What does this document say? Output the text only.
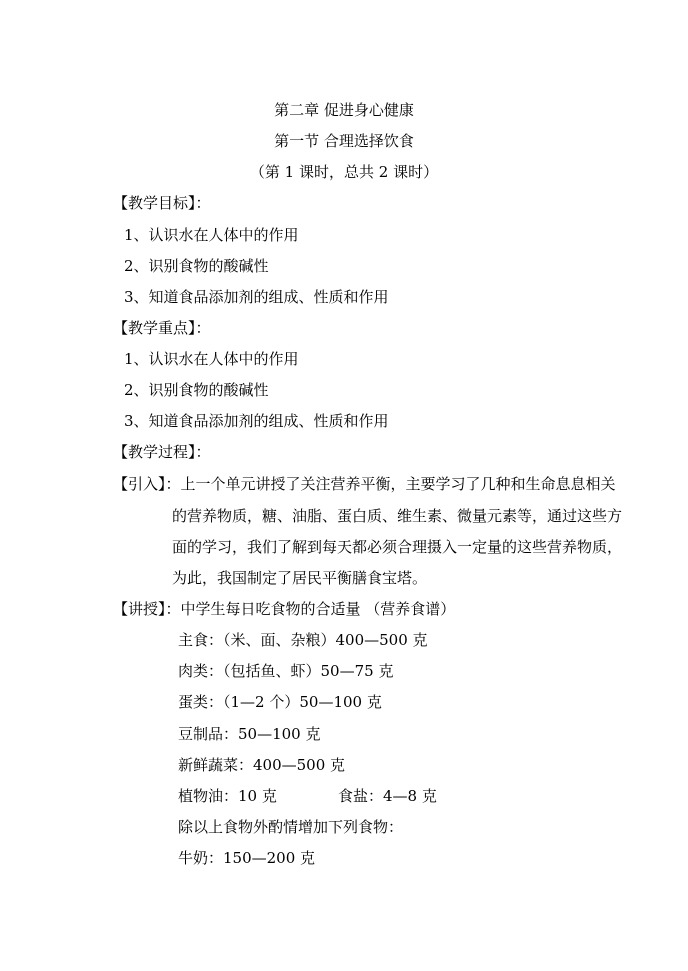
第二章 促进身心健康
第一节 合理选择饮食
（第 1 课时，总共 2 课时）
【教学目标】：
1、认识水在人体中的作用
2、识别食物的酸碱性
3、知道食品添加剂的组成、性质和作用
【教学重点】：
1、认识水在人体中的作用
2、识别食物的酸碱性
3、知道食品添加剂的组成、性质和作用
【教学过程】：
【引入】：上一个单元讲授了关注营养平衡，主要学习了几种和生命息息相关
的营养物质，糖、油脂、蛋白质、维生素、微量元素等，通过这些方
面的学习，我们了解到每天都必须合理摄入一定量的这些营养物质，
为此，我国制定了居民平衡膳食宝塔。
【讲授】：中学生每日吃食物的合适量 （营养食谱）
主食：（米、面、杂粮）400—500 克
肉类：（包括鱼、虾）50—75 克
蛋类：（1—2 个）50—100 克
豆制品：50—100 克
新鲜蔬菜：400—500 克
植物油：10 克	食盐：4—8 克
除以上食物外酌情增加下列食物：
牛奶：150—200 克
